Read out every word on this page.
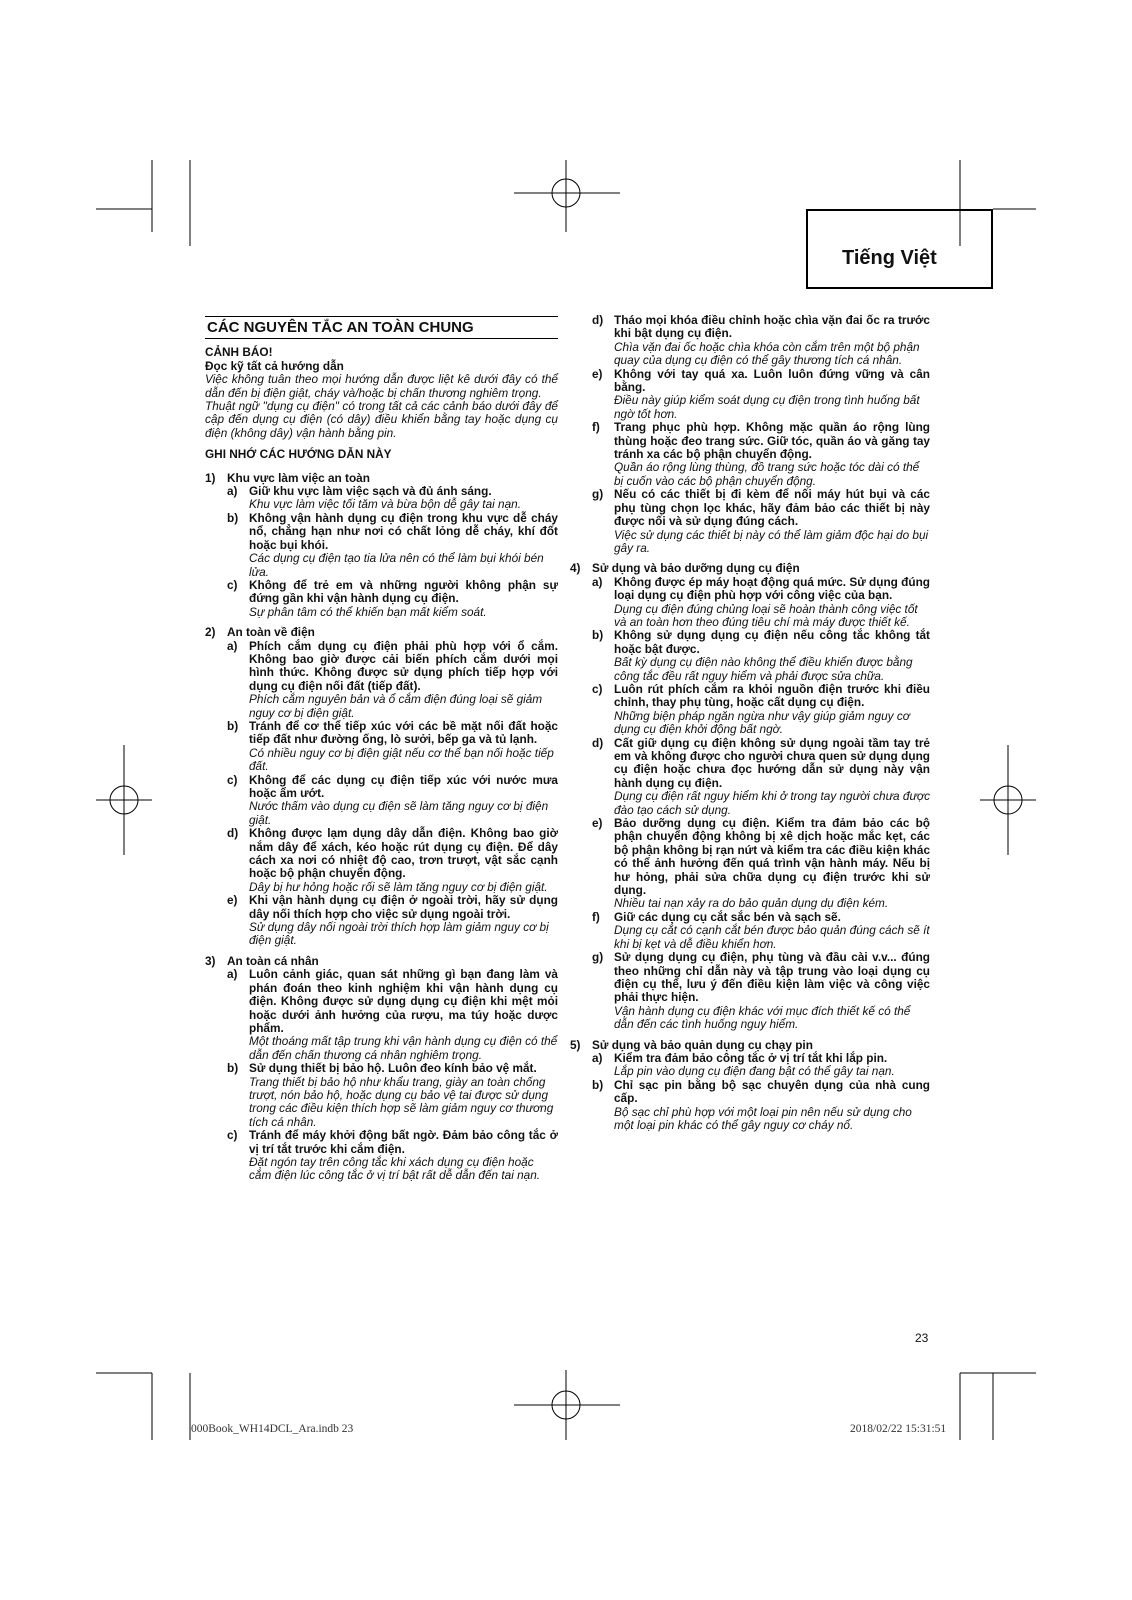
Tiếng Việt
CÁC NGUYÊN TẮC AN TOÀN CHUNG
CẢNH BÁO!
Đọc kỹ tất cả hướng dẫn
Việc không tuân theo mọi hướng dẫn được liệt kê dưới đây có thể dẫn đến bị điện giật, cháy và/hoặc bị chấn thương nghiêm trọng.
Thuật ngữ "dụng cụ điện" có trong tất cả các cảnh báo dưới đây để cập đến dụng cụ điện (có dây) điều khiển bằng tay hoặc dụng cụ điện (không dây) vận hành bằng pin.
GHI NHỚ CÁC HƯỚNG DẪN NÀY
1) Khu vực làm việc an toàn
a) Giữ khu vực làm việc sạch và đủ ánh sáng.
Khu vực làm việc tối tăm và bừa bộn dễ gây tai nạn.
b) Không vận hành dụng cụ điện trong khu vực dễ cháy nổ, chẳng hạn như nơi có chất lỏng dễ cháy, khí đốt hoặc bụi khói.
Các dụng cụ điện tạo tia lửa nên có thể làm bụi khói bén lửa.
c) Không để trẻ em và những người không phận sự đứng gần khi vận hành dụng cụ điện.
Sự phân tâm có thể khiến bạn mất kiểm soát.
2) An toàn về điện
a) Phích cắm dụng cụ điện phải phù hợp với ổ cắm. Không bao giờ được cải biến phích cắm dưới mọi hình thức. Không được sử dụng phích tiếp hợp với dụng cụ điện nối đất (tiếp đất).
Phích cắm nguyên bản và ổ cắm điện đúng loại sẽ giảm nguy cơ bị điện giật.
b) Tránh để cơ thể tiếp xúc với các bề mặt nối đất hoặc tiếp đất như đường ống, lò sưởi, bếp ga và tủ lạnh.
Có nhiều nguy cơ bị điện giật nếu cơ thể bạn nối hoặc tiếp đất.
c) Không để các dụng cụ điện tiếp xúc với nước mưa hoặc ẩm ướt.
Nước thấm vào dụng cụ điện sẽ làm tăng nguy cơ bị điện giật.
d) Không được lạm dụng dây dẫn điện. Không bao giờ nắm dây để xách, kéo hoặc rút dụng cụ điện. Để dây cách xa nơi có nhiệt độ cao, trơn trượt, vật sắc cạnh hoặc bộ phận chuyển động.
Dây bị hư hỏng hoặc rối sẽ làm tăng nguy cơ bị điện giật.
e) Khi vận hành dụng cụ điện ở ngoài trời, hãy sử dụng dây nối thích hợp cho việc sử dụng ngoài trời.
Sử dụng dây nối ngoài trời thích hợp làm giảm nguy cơ bị điện giật.
3) An toàn cá nhân
a) Luôn cảnh giác, quan sát những gì bạn đang làm và phán đoán theo kinh nghiệm khi vận hành dụng cụ điện. Không được sử dụng dụng cụ điện khi mệt mỏi hoặc dưới ảnh hưởng của rượu, ma túy hoặc dược phẩm.
Một thoáng mất tập trung khi vận hành dụng cụ điện có thể dẫn đến chấn thương cá nhân nghiêm trọng.
b) Sử dụng thiết bị bảo hộ. Luôn đeo kính bảo vệ mắt.
Trang thiết bị bảo hộ như khẩu trang, giày an toàn chống trượt, nón bảo hộ, hoặc dụng cụ bảo vệ tai được sử dụng trong các điều kiện thích hợp sẽ làm giảm nguy cơ thương tích cá nhân.
c) Tránh để máy khởi động bất ngờ. Đảm bảo công tắc ở vị trí tắt trước khi cắm điện.
Đặt ngón tay trên công tắc khi xách dụng cụ điện hoặc cắm điện lúc công tắc ở vị trí bật rất dễ dẫn đến tai nạn.
d) Tháo mọi khóa điều chỉnh hoặc chìa vặn đai ốc ra trước khi bật dụng cụ điện.
Chìa vặn đai ốc hoặc chìa khóa còn cắm trên một bộ phận quay của dụng cụ điện có thể gây thương tích cá nhân.
e) Không với tay quá xa. Luôn luôn đứng vững và cân bằng.
Điều này giúp kiểm soát dụng cụ điện trong tình huống bất ngờ tốt hơn.
f)	Trang phục phù hợp. Không mặc quần áo rộng lùng thùng hoặc đeo trang sức. Giữ tóc, quần áo và găng tay tránh xa các bộ phận chuyển động.
Quần áo rộng lùng thùng, đồ trang sức hoặc tóc dài có thể bị cuốn vào các bộ phận chuyển động.
g) Nếu có các thiết bị đi kèm để nối máy hút bụi và các phụ tùng chọn lọc khác, hãy đảm bảo các thiết bị này được nối và sử dụng đúng cách.
Việc sử dụng các thiết bị này có thể làm giảm độc hại do bụi gây ra.
4) Sử dụng và bảo dưỡng dụng cụ điện
a) Không được ép máy hoạt động quá mức. Sử dụng đúng loại dụng cụ điện phù hợp với công việc của bạn.
Dụng cụ điện đúng chủng loại sẽ hoàn thành công việc tốt và an toàn hơn theo đúng tiêu chí mà máy được thiết kế.
b) Không sử dụng dụng cụ điện nếu công tắc không tắt hoặc bật được.
Bất kỳ dụng cụ điện nào không thể điều khiển được bằng công tắc đều rất nguy hiểm và phải được sửa chữa.
c) Luôn rút phích cắm ra khỏi nguồn điện trước khi điều chỉnh, thay phụ tùng, hoặc cất dụng cụ điện.
Những biện pháp ngăn ngừa như vậy giúp giảm nguy cơ dụng cụ điện khởi động bất ngờ.
d) Cất giữ dụng cụ điện không sử dụng ngoài tầm tay trẻ em và không được cho người chưa quen sử dụng dụng cụ điện hoặc chưa đọc hướng dẫn sử dụng này vận hành dụng cụ điện.
Dụng cụ điện rất nguy hiểm khi ở trong tay người chưa được đào tạo cách sử dụng.
e) Bảo dưỡng dụng cụ điện. Kiểm tra đảm bảo các bộ phận chuyển động không bị xê dịch hoặc mắc kẹt, các bộ phận không bị rạn nứt và kiểm tra các điều kiện khác có thể ảnh hưởng đến quá trình vận hành máy. Nếu bị hư hỏng, phải sửa chữa dụng cụ điện trước khi sử dụng.
Nhiều tai nạn xảy ra do bảo quản dụng dụ điện kém.
f)	Giữ các dụng cụ cắt sắc bén và sạch sẽ.
Dụng cụ cắt có cạnh cắt bén được bảo quản đúng cách sẽ ít khi bị kẹt và dễ điều khiển hơn.
g) Sử dụng dụng cụ điện, phụ tùng và đầu cài v.v... đúng theo những chỉ dẫn này và tập trung vào loại dụng cụ điện cụ thể, lưu ý đến điều kiện làm việc và công việc phải thực hiện.
Vận hành dụng cụ điện khác với mục đích thiết kế có thể dẫn đến các tình huống nguy hiểm.
5) Sử dụng và bảo quản dụng cụ chạy pin
a) Kiểm tra đảm bảo công tắc ở vị trí tắt khi lắp pin.
Lắp pin vào dụng cụ điện đang bật có thể gây tai nạn.
b) Chỉ sạc pin bằng bộ sạc chuyên dụng của nhà cung cấp.
Bộ sạc chỉ phù hợp với một loại pin nên nếu sử dụng cho một loại pin khác có thể gây nguy cơ cháy nổ.
23
000Book_WH14DCL_Ara.indb 23	2018/02/22 15:31:51
